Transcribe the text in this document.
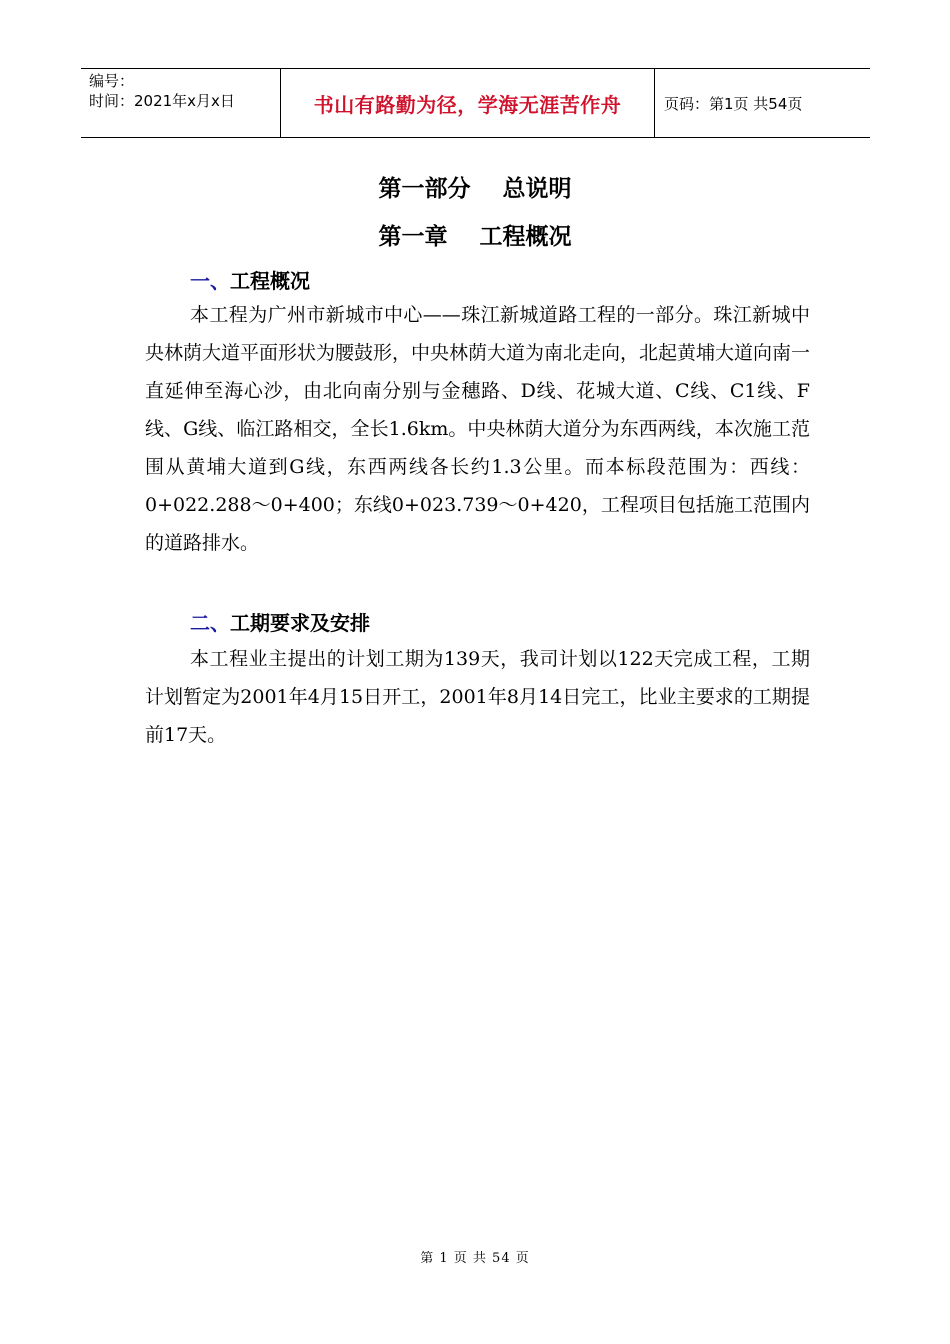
编号：
时间：2021年x月x日	书山有路勤为径，学海无涯苦作舟	页码：第1页 共54页
第一部分    总说明
第一章    工程概况
一、工程概况
本工程为广州市新城市中心——珠江新城道路工程的一部分。珠江新城中央林荫大道平面形状为腰鼓形，中央林荫大道为南北走向，北起黄埔大道向南一直延伸至海心沙，由北向南分别与金穗路、D线、花城大道、C线、C1线、F线、G线、临江路相交，全长1.6km。中央林荫大道分为东西两线，本次施工范围从黄埔大道到G线，东西两线各长约1.3公里。而本标段范围为：西线：0+022.288～0+400；东线0+023.739～0+420，工程项目包括施工范围内的道路排水。
二、工期要求及安排
本工程业主提出的计划工期为139天，我司计划以122天完成工程，工期计划暂定为2001年4月15日开工，2001年8月14日完工，比业主要求的工期提前17天。
第 1 页 共 54 页
